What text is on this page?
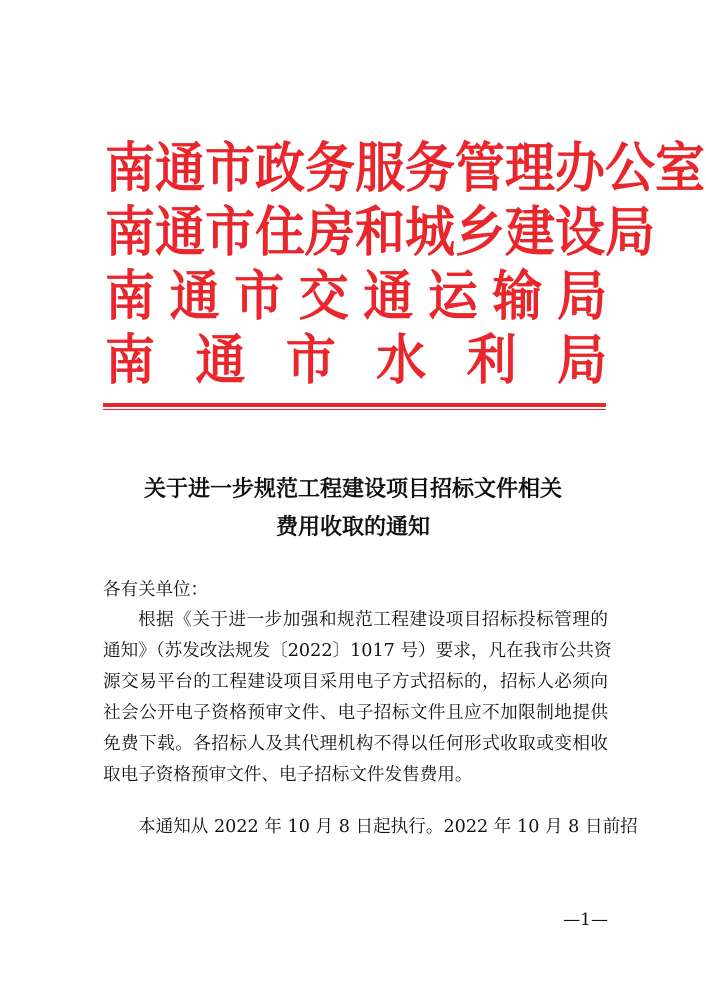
南 通 市 政 务 服 务 管 理 办 公 室
南 通 市 住 房 和 城 乡 建 设 局
南 通 市 交 通 运 输 局
南 通 市 水 利 局
关于进一步规范工程建设项目招标文件相关
费用收取的通知
各有关单位：
根据《关于进一步加强和规范工程建设项目招标投标管理的
通知》（苏发改法规发〔2022〕1017 号）要求，凡在我市公共资
源交易平台的工程建设项目采用电子方式招标的，招标人必须向
社会公开电子资格预审文件、电子招标文件且应不加限制地提供
免费下载。各招标人及其代理机构不得以任何形式收取或变相收
取电子资格预审文件、电子招标文件发售费用。
本通知从 2022 年 10 月 8 日起执行。2022 年 10 月 8 日前招
—1—
